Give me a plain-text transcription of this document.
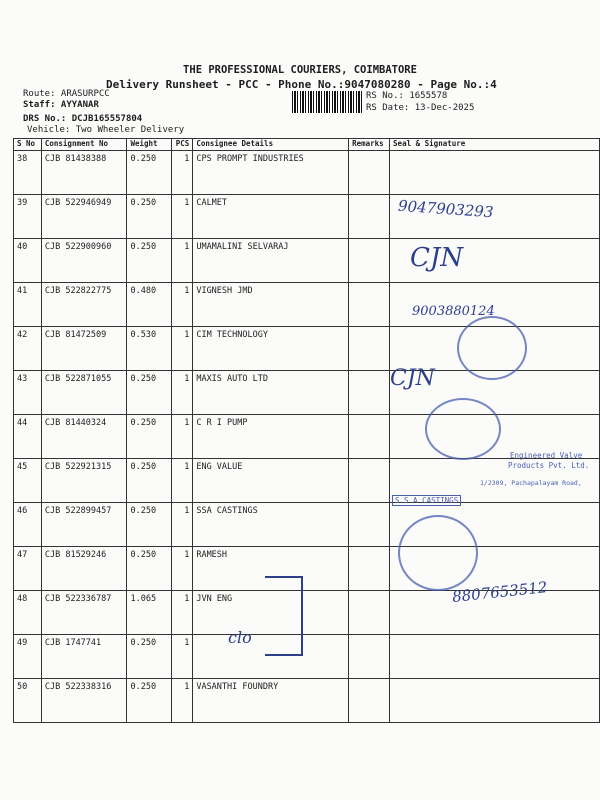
THE PROFESSIONAL COURIERS, COIMBATORE
Delivery Runsheet - PCC - Phone No.:9047080280 - Page No.:4
Route: ARASURPCC
Staff: AYYANAR
DRS No.: DCJB165557804
Vehicle: Two Wheeler Delivery
RS No.: 1655578
RS Date: 13-Dec-2025
S No	Consignment No	Weight	PCS	Consignee Details	Remarks	Seal & Signature
38	CJB 81438388	0.250	1	CPS PROMPT INDUSTRIES		
39	CJB 522946949	0.250	1	CALMET		
40	CJB 522900960	0.250	1	UMAMALINI SELVARAJ		
41	CJB 522822775	0.480	1	VIGNESH JMD		
42	CJB 81472509	0.530	1	CIM TECHNOLOGY		
43	CJB 522871055	0.250	1	MAXIS AUTO LTD		
44	CJB 81440324	0.250	1	C R I PUMP		
45	CJB 522921315	0.250	1	ENG VALUE		
46	CJB 522899457	0.250	1	SSA CASTINGS		
47	CJB 81529246	0.250	1	RAMESH		
48	CJB 522336787	1.065	1	JVN ENG		
49	CJB 1747741	0.250	1			
50	CJB 522338316	0.250	1	VASANTHI FOUNDRY		
9047903293
CJN
9003880124
CJN
8807653512
clo
Engineered Valve
Products Pvt. Ltd.
1/2309, Pachapalayam Road,
S.S.A CASTINGS
